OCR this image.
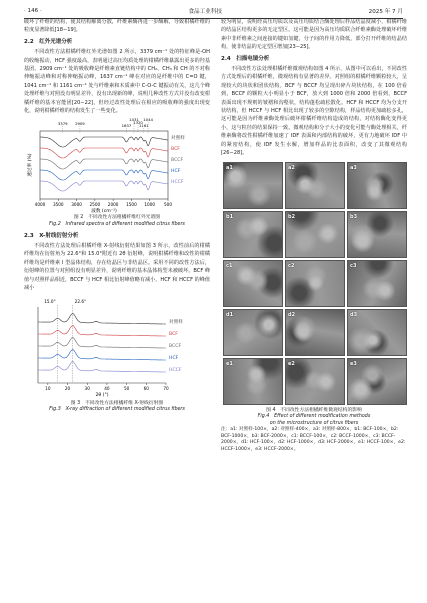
· 146 ·	食品工业科技	2025 年 7 月

破坏了纤维的结构，使其结构解离分散，纤维素酶再进一步酶解，导致柑橘纤维的粒度显著降低[18−19]。

2.2　红外光谱分析

不同改性方法柑橘纤维红外光谱如图 2 所示，3379 cm⁻¹ 处的特征峰是-OH 的收缩振动，HCF 强度最高，表明通过高压均质处理的柑橘纤维暴露出更多的羟基基团。2909 cm⁻¹ 处的吸收峰是纤维素直链结构中的 CH₂、CH₃ 和 CH 的不对称伸缩振动峰和对称伸缩振动峰，1637 cm⁻¹ 峰在对应的是纤维中的 C=O 键，1041 cm⁻¹ 和 1161 cm⁻¹ 处与纤维素和木质素中 C-O-C 键振动有关，这几个峰处理纤维与对照没有明显差异，没有出现新的峰，说明几种改性方式并没有改变柑橘纤维的基本官能团[20−22]，但经过改性处理后在相应的吸收峰的强度出现变化，说明柑橘纤维的结构发生了一些变化。

4000 3500 3000 2500 2000 1500 1000 500
波数 (cm⁻¹)
透过率 (%)
对照样
BCF
BCCF
HCF
HCCF
3379 2909	1637
1431
1320
1161
1044

图 2　不同改性方法柑橘纤维红外光谱图

Fig.2　Infrared spectra of different modified citrus fibers

2.3　X-射线衍射分析

不同改性方法处理后柑橘纤维 X-射线衍射结果如图 3 所示，改性前后的柑橘纤维均在衍射角为 22.6°和 15.0°附近有 2θ 衍射峰，说明柑橘纤维和改性的柑橘纤维均是纤维素 I 型晶体结构，存在结晶区与非结晶区。采用不同的改性方法后，衍射峰的位置与对照组没有明显差异，说明纤维的基本晶体构型未被破坏。BCF 峰值与对照样品相近，BCCF 与 HCF 相比衍射峰值略有减小，HCF 和 HCCF 的峰值减小

10	20	30	40	50	60	70
2θ (°)
15.0°	22.6°
对照样
BCF
BCCF
HCF
HCCF

图 3　不同改性方法柑橘纤维 X-射线衍射图

Fig.3　X-ray diffraction of different modified citrus fibers

较为明显，说明经高压均质以及高压均质结合酶处理后样品结晶度减小，柑橘纤维的结晶区结构更多的无定型区。这可能是因为高压均质联合纤维素酶处理破坏纤维素中非纤维素之间连接的键如氢键，分子间的作用力降低，部分打开纤维的结晶结构，使非结晶的无定型区增加[23−25]。

2.4　扫描电镜分析

不同改性方法处理柑橘纤维微观结构如图 4 所示，从图中可以看出，不同改性方式处理后的柑橘纤维，微观结构有显著的差异。对照组的柑橘纤维颗粒较大，呈现较大的块状和团状结构。BCF 与 BCCF 均呈现出碎片块状结构，在 100 倍看到，BCCF 的颗粒大小明显小于 BCF，放大到 1000 倍和 2000 倍看到，BCCF 表面出现不规则的皱褶和沟壑状，结构蓬松疏松散化。HCF 和 HCCF 均为分支开状结构，但 HCCF 与 HCF 相比出现了较多的空隙结构，样品结构更加疏松多孔，这可能是因为纤维素酶处理后破坏柑橘纤维结构造成的结构，对结构酶化变得更小，这与粒径的结果保持一致。微观结构和分子大小的变化可能与酶处理相关，纤维素酶将改性柑橘纤维加速了 IDF 表面和内部结构的破坏，更有力地破坏 IDF 中的紧密结构，使 IDF 发生水解，增加样品的比表面积，改变了其微观结构[26−28]。

a1	a2	a3
b1	b2	b3
c1	c2	c3
d1	d2	d3
e1	e2	e3

图 4　不同改性方法柑橘纤维微观结构的影响

Fig.4　Effect of different modification methods

on the microstructure of citrus fibers

注：a1: 对照样-100×，a2: 对照样-400×，a3: 对照样-800×，b1: BCF-100×，b2: BCF-1000×，b3: BCF-2000×，c1: BCCF-100×，c2: BCCF-1000×，c3: BCCF-2000×，d1: HCF-100×，d2: HCF-1000×，d3: HCF-2000×，e1: HCCF-100×，e2: HCCF-1000×，e3: HCCF-2000×。
